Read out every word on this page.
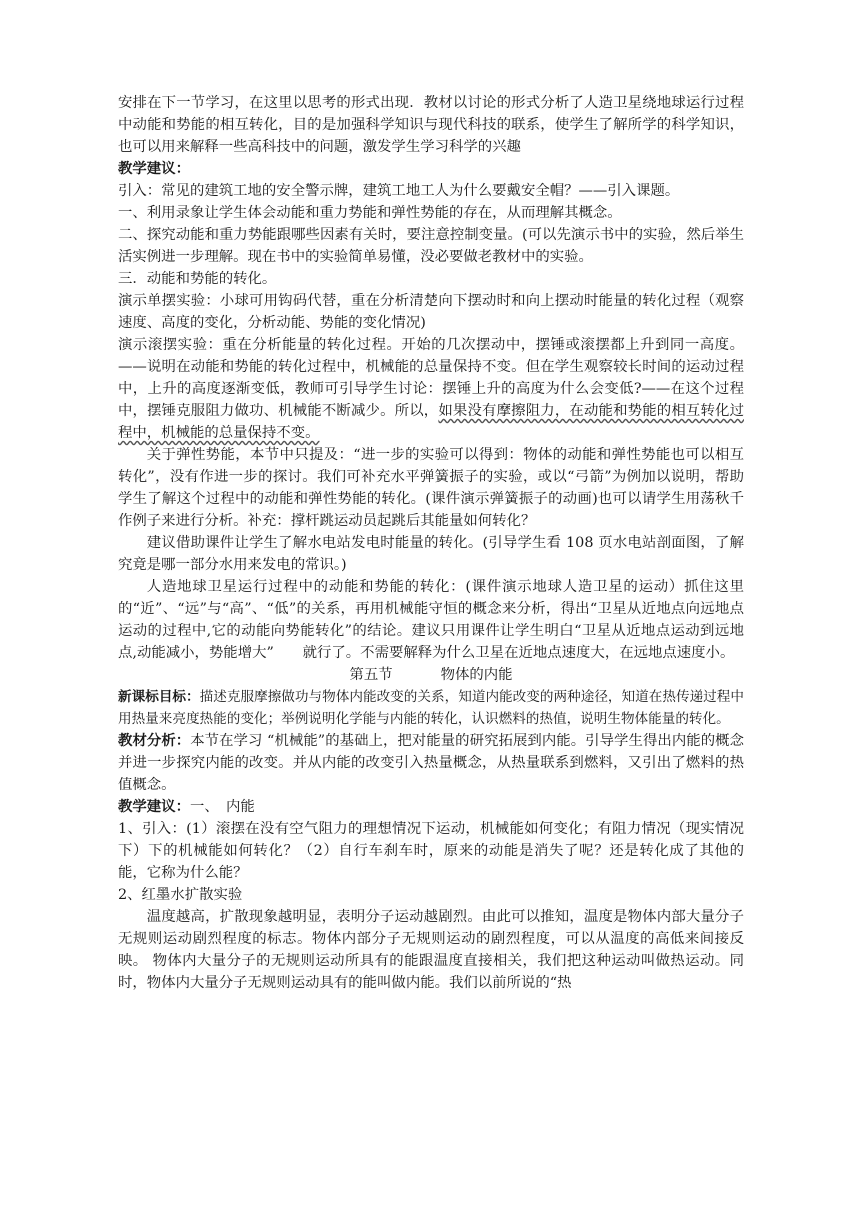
安排在下一节学习，在这里以思考的形式出现．教材以讨论的形式分析了人造卫星绕地球运行过程中动能和势能的相互转化，目的是加强科学知识与现代科技的联系，使学生了解所学的科学知识，也可以用来解释一些高科技中的问题，激发学生学习科学的兴趣

教学建议：

引入：常见的建筑工地的安全警示牌，建筑工地工人为什么要戴安全帽？——引入课题。

一、利用录象让学生体会动能和重力势能和弹性势能的存在，从而理解其概念。

二、探究动能和重力势能跟哪些因素有关时，要注意控制变量。(可以先演示书中的实验，然后举生活实例进一步理解。现在书中的实验简单易懂，没必要做老教材中的实验。

三．动能和势能的转化。

演示单摆实验：小球可用钩码代替，重在分析清楚向下摆动时和向上摆动时能量的转化过程（观察速度、高度的变化，分析动能、势能的变化情况)

演示滚摆实验：重在分析能量的转化过程。开始的几次摆动中，摆锤或滚摆都上升到同一高度。——说明在动能和势能的转化过程中，机械能的总量保持不变。但在学生观察较长时间的运动过程中，上升的高度逐渐变低，教师可引导学生讨论：摆锤上升的高度为什么会变低?——在这个过程中，摆锤克服阻力做功、机械能不断减少。所以，如果没有摩擦阻力，在动能和势能的相互转化过程中，机械能的总量保持不变。

关于弹性势能，本节中只提及：“进一步的实验可以得到：物体的动能和弹性势能也可以相互转化”，没有作进一步的探讨。我们可补充水平弹簧振子的实验，或以“弓箭”为例加以说明，帮助学生了解这个过程中的动能和弹性势能的转化。(课件演示弹簧振子的动画)也可以请学生用荡秋千作例子来进行分析。补充：撑杆跳运动员起跳后其能量如何转化？

建议借助课件让学生了解水电站发电时能量的转化。(引导学生看 108 页水电站剖面图，了解究竟是哪一部分水用来发电的常识。)

人造地球卫星运行过程中的动能和势能的转化：(课件演示地球人造卫星的运动）抓住这里的“近”、“远”与“高”、“低”的关系，再用机械能守恒的概念来分析，得出“卫星从近地点向远地点运动的过程中,它的动能向势能转化”的结论。建议只用课件让学生明白“卫星从近地点运动到远地点,动能减小，势能增大”　　就行了。不需要解释为什么卫星在近地点速度大，在远地点速度小。

第五节	物体的内能

新课标目标：描述克服摩擦做功与物体内能改变的关系，知道内能改变的两种途径，知道在热传递过程中用热量来亮度热能的变化；举例说明化学能与内能的转化，认识燃料的热值，说明生物体能量的转化。

教材分析：本节在学习 “机械能”的基础上，把对能量的研究拓展到内能。引导学生得出内能的概念并进一步探究内能的改变。并从内能的改变引入热量概念，从热量联系到燃料，又引出了燃料的热值概念。

教学建议：一、　内能

1、引入：(1）滚摆在没有空气阻力的理想情况下运动，机械能如何变化；有阻力情况（现实情况下）下的机械能如何转化？（2）自行车刹车时，原来的动能是消失了呢？还是转化成了其他的能，它称为什么能？

2、红墨水扩散实验

温度越高，扩散现象越明显，表明分子运动越剧烈。由此可以推知，温度是物体内部大量分子无规则运动剧烈程度的标志。物体内部分子无规则运动的剧烈程度，可以从温度的高低来间接反映。 物体内大量分子的无规则运动所具有的能跟温度直接相关，我们把这种运动叫做热运动。同时，物体内大量分子无规则运动具有的能叫做内能。我们以前所说的“热
